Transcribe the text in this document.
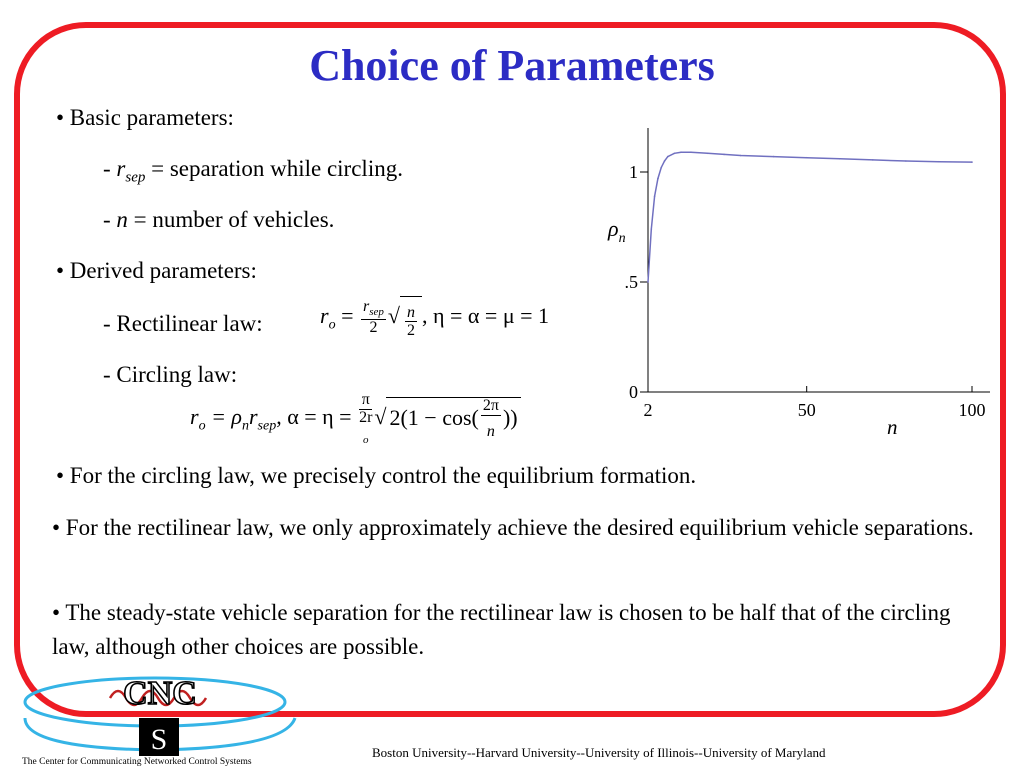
Choice of Parameters
• Basic parameters:
- $r_{sep}$ = separation while circling.
- n = number of vehicles.
• Derived parameters:
- Rectilinear law:	$r_o = \frac{r_{sep}}{2}$ √ $\frac{n}{2}$ , η = α = μ = 1
- Circling law:
$r_o = \rho_nr_{sep}$, α = η = π
2r
$_o$ √ $2(1 - \cos( \frac{2\pi}{n}))$
• For the circling law, we precisely control the equilibrium formation.
• For the rectilinear law, we only approximately achieve the desired equilibrium vehicle separations.
• The steady-state vehicle separation for the rectilinear law is chosen to be half that of the circling law, although other choices are possible.
2	50	100
0
.5
1
$\rho_n$
n
CNC
S
The Center for Communicating Networked Control Systems
Boston University--Harvard University--University of Illinois--University of Maryland
